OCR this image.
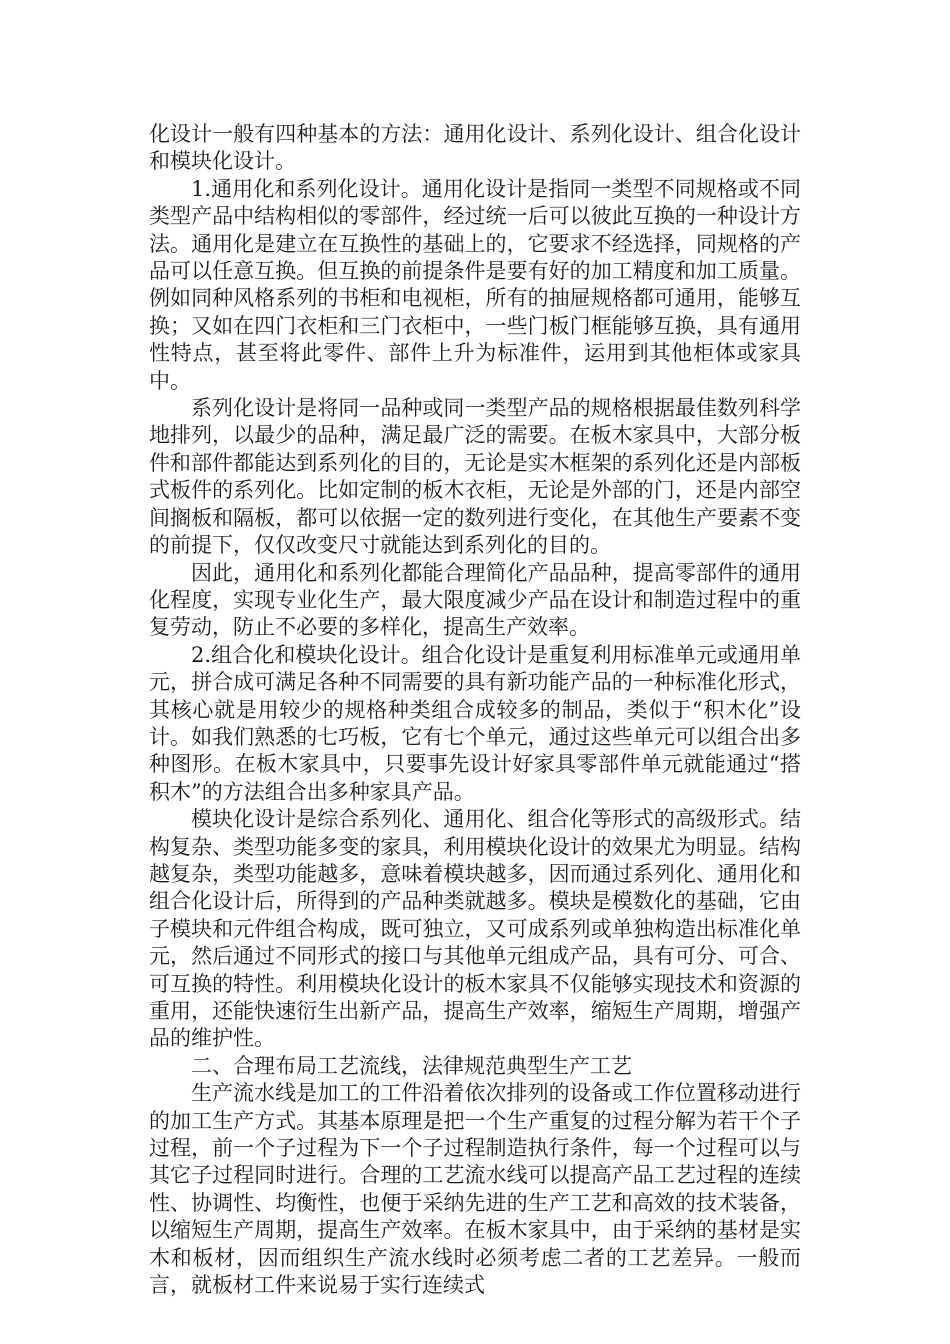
化设计一般有四种基本的方法：通用化设计、系列化设计、组合化设计和模块化设计。

1.通用化和系列化设计。通用化设计是指同一类型不同规格或不同类型产品中结构相似的零部件，经过统一后可以彼此互换的一种设计方法。通用化是建立在互换性的基础上的，它要求不经选择，同规格的产品可以任意互换。但互换的前提条件是要有好的加工精度和加工质量。例如同种风格系列的书柜和电视柜，所有的抽屉规格都可通用，能够互换；又如在四门衣柜和三门衣柜中，一些门板门框能够互换，具有通用性特点，甚至将此零件、部件上升为标准件，运用到其他柜体或家具中。

系列化设计是将同一品种或同一类型产品的规格根据最佳数列科学地排列，以最少的品种，满足最广泛的需要。在板木家具中，大部分板件和部件都能达到系列化的目的，无论是实木框架的系列化还是内部板式板件的系列化。比如定制的板木衣柜，无论是外部的门，还是内部空间搁板和隔板，都可以依据一定的数列进行变化，在其他生产要素不变的前提下，仅仅改变尺寸就能达到系列化的目的。

因此，通用化和系列化都能合理简化产品品种，提高零部件的通用化程度，实现专业化生产，最大限度减少产品在设计和制造过程中的重复劳动，防止不必要的多样化，提高生产效率。

2.组合化和模块化设计。组合化设计是重复利用标准单元或通用单元，拼合成可满足各种不同需要的具有新功能产品的一种标准化形式，其核心就是用较少的规格种类组合成较多的制品，类似于“积木化”设计。如我们熟悉的七巧板，它有七个单元，通过这些单元可以组合出多种图形。在板木家具中，只要事先设计好家具零部件单元就能通过“搭积木”的方法组合出多种家具产品。

模块化设计是综合系列化、通用化、组合化等形式的高级形式。结构复杂、类型功能多变的家具，利用模块化设计的效果尤为明显。结构越复杂，类型功能越多，意味着模块越多，因而通过系列化、通用化和组合化设计后，所得到的产品种类就越多。模块是模数化的基础，它由子模块和元件组合构成，既可独立，又可成系列或单独构造出标准化单元，然后通过不同形式的接口与其他单元组成产品，具有可分、可合、可互换的特性。利用模块化设计的板木家具不仅能够实现技术和资源的重用，还能快速衍生出新产品，提高生产效率，缩短生产周期，增强产品的维护性。

二、合理布局工艺流线，法律规范典型生产工艺

生产流水线是加工的工件沿着依次排列的设备或工作位置移动进行的加工生产方式。其基本原理是把一个生产重复的过程分解为若干个子过程，前一个子过程为下一个子过程制造执行条件，每一个过程可以与其它子过程同时进行。合理的工艺流水线可以提高产品工艺过程的连续性、协调性、均衡性，也便于采纳先进的生产工艺和高效的技术装备，以缩短生产周期，提高生产效率。在板木家具中，由于采纳的基材是实木和板材，因而组织生产流水线时必须考虑二者的工艺差异。一般而言，就板材工件来说易于实行连续式
